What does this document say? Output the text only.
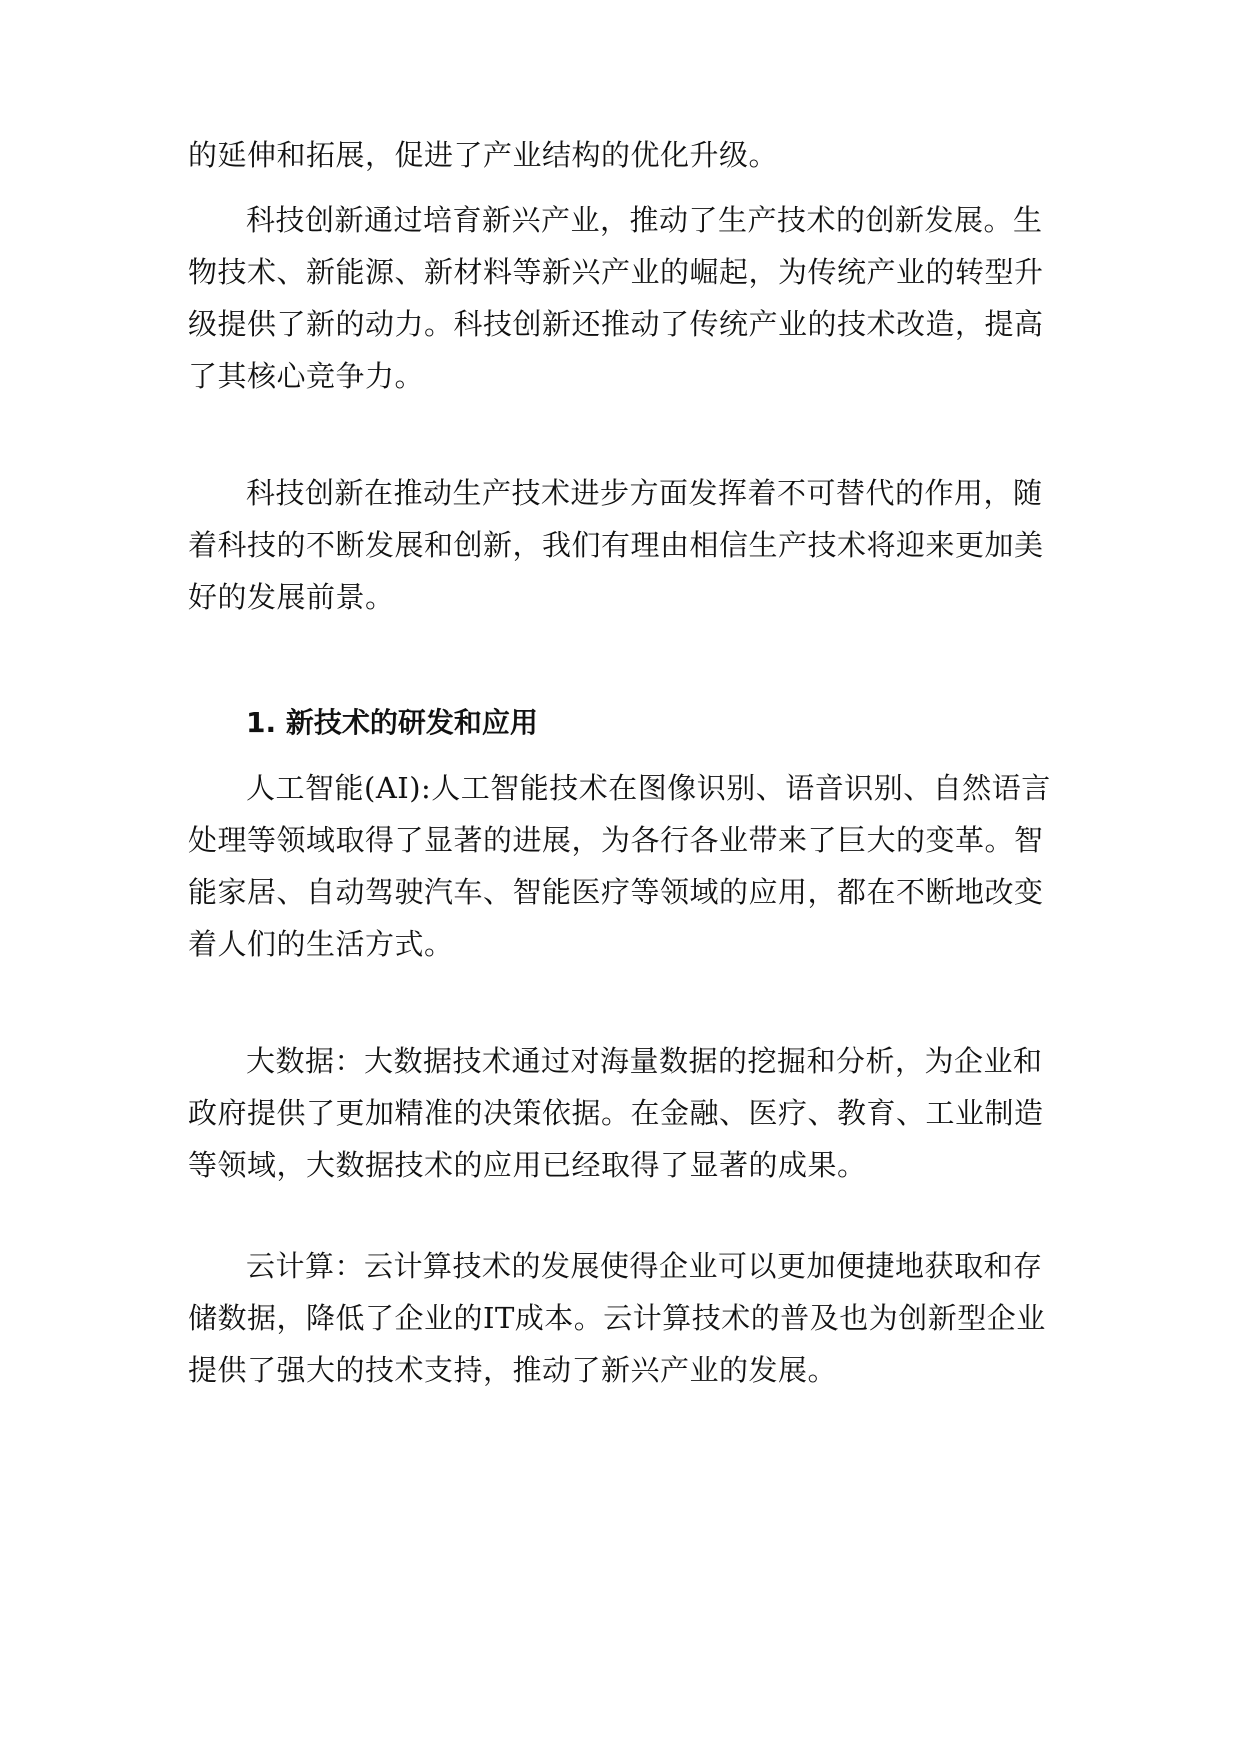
的延伸和拓展，促进了产业结构的优化升级。

科技创新通过培育新兴产业，推动了生产技术的创新发展。生物技术、新能源、新材料等新兴产业的崛起，为传统产业的转型升级提供了新的动力。科技创新还推动了传统产业的技术改造，提高了其核心竞争力。

科技创新在推动生产技术进步方面发挥着不可替代的作用，随着科技的不断发展和创新，我们有理由相信生产技术将迎来更加美好的发展前景。

1. 新技术的研发和应用

人工智能(AI):人工智能技术在图像识别、语音识别、自然语言处理等领域取得了显著的进展，为各行各业带来了巨大的变革。智能家居、自动驾驶汽车、智能医疗等领域的应用，都在不断地改变着人们的生活方式。

大数据：大数据技术通过对海量数据的挖掘和分析，为企业和政府提供了更加精准的决策依据。在金融、医疗、教育、工业制造等领域，大数据技术的应用已经取得了显著的成果。

云计算：云计算技术的发展使得企业可以更加便捷地获取和存储数据，降低了企业的IT成本。云计算技术的普及也为创新型企业提供了强大的技术支持，推动了新兴产业的发展。
